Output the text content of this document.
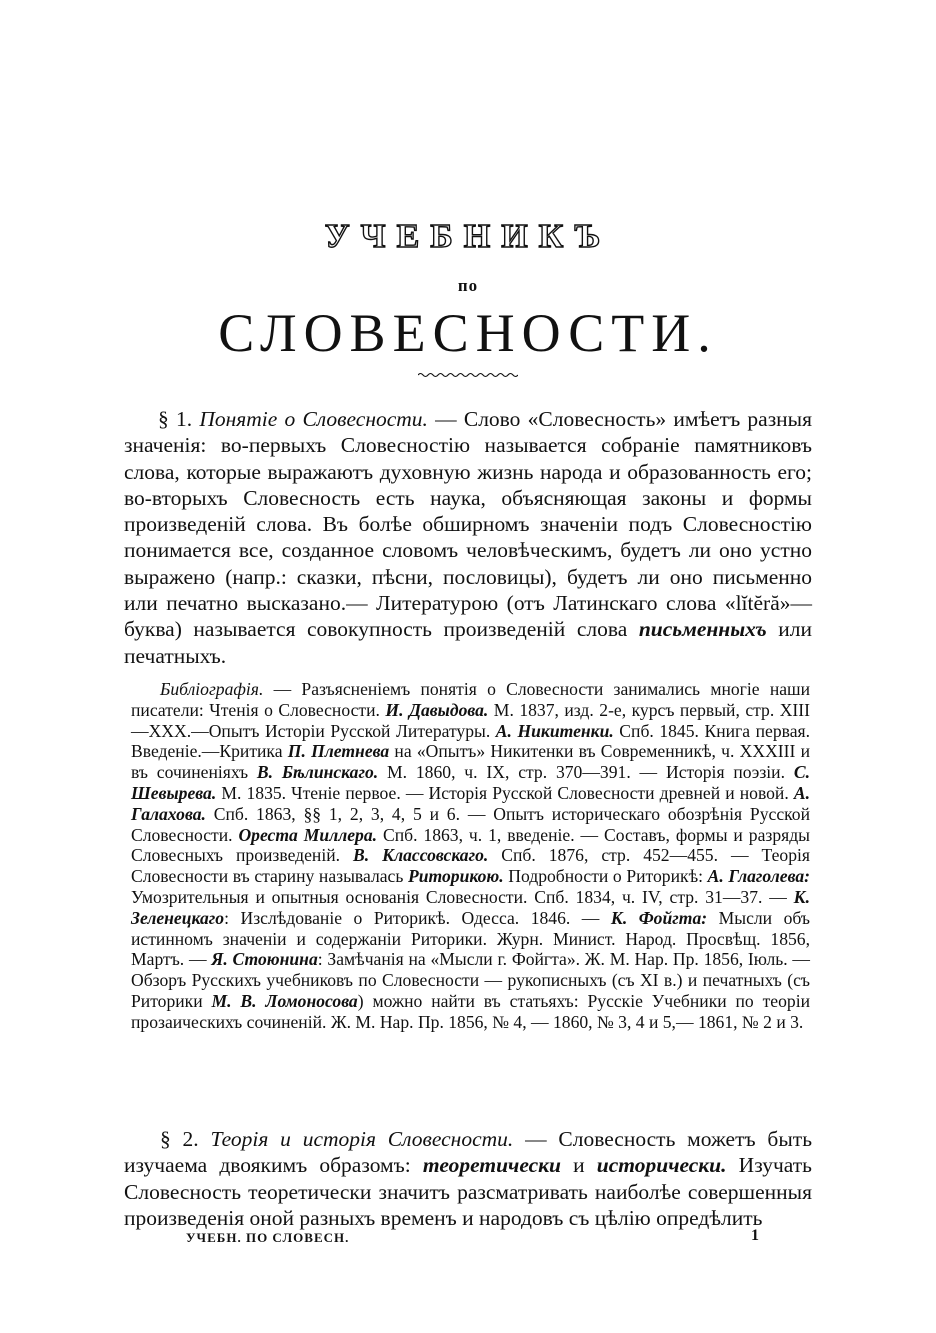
УЧЕБНИКЪ
по
СЛОВЕСНОСТИ.

§ 1. Понятіе о Словесности. — Слово «Словесность» имѣетъ разныя значенія: во-первыхъ Словесностію называется собраніе памятниковъ слова, которые выражаютъ духовную жизнь народа и образованность его; во-вторыхъ Словесность есть наука, объясняющая законы и формы произведеній слова. Въ болѣе обширномъ значеніи подъ Словесностію понимается все, созданное словомъ человѣческимъ, будетъ ли оно устно выражено (напр.: сказки, пѣсни, пословицы), будетъ ли оно письменно или печатно высказано.— Литературою (отъ Латинскаго слова «lĭtĕră»— буква) называется совокупность произведеній слова письменныхъ или печатныхъ.

Библіографія. — Разъясненіемъ понятія о Словесности занимались многіе наши писатели: Чтенія о Словесности. И. Давыдова. М. 1837, изд. 2-е, курсъ первый, стр. XIII—XXX.—Опытъ Исторіи Русской Литературы. А. Никитенки. Спб. 1845. Книга первая. Введеніе.—Критика П. Плетнева на «Опытъ» Никитенки въ Современникѣ, ч. XXXIII и въ сочиненіяхъ В. Бѣлинскаго. М. 1860, ч. IX, стр. 370—391. — Исторія поэзіи. С. Шевырева. М. 1835. Чтеніе первое. — Исторія Русской Словесности древней и новой. А. Галахова. Спб. 1863, §§ 1, 2, 3, 4, 5 и 6. — Опытъ историческаго обозрѣнія Русской Словесности. Ореста Миллера. Спб. 1863, ч. 1, введеніе. — Составъ, формы и разряды Словесныхъ произведеній. В. Классовскаго. Спб. 1876, стр. 452—455. — Теорія Словесности въ старину называлась Риторикою. Подробности о Риторикѣ: А. Глаголева: Умозрительныя и опытныя основанія Словесности. Спб. 1834, ч. IV, стр. 31—37. — К. Зеленецкаго: Изслѣдованіе о Риторикѣ. Одесса. 1846. — К. Фойгта: Мысли объ истинномъ значеніи и содержаніи Риторики. Журн. Минист. Народ. Просвѣщ. 1856, Мартъ. — Я. Стоюнина: Замѣчанія на «Мысли г. Фойгта». Ж. М. Нар. Пр. 1856, Іюль. — Обзоръ Русскихъ учебниковъ по Словесности — рукописныхъ (съ XI в.) и печатныхъ (съ Риторики М. В. Ломоносова) можно найти въ статьяхъ: Русскіе Учебники по теоріи прозаическихъ сочиненій. Ж. М. Нар. Пр. 1856, № 4, — 1860, № 3, 4 и 5,— 1861, № 2 и 3.

§ 2. Теорія и исторія Словесности. — Словесность можетъ быть изучаема двоякимъ образомъ: теоретически и исторически. Изучать Словесность теоретически значитъ разсматривать наиболѣе совершенныя произведенія оной разныхъ временъ и народовъ съ цѣлію опредѣлить

УЧЕБН. ПО СЛОВЕСН.	1
